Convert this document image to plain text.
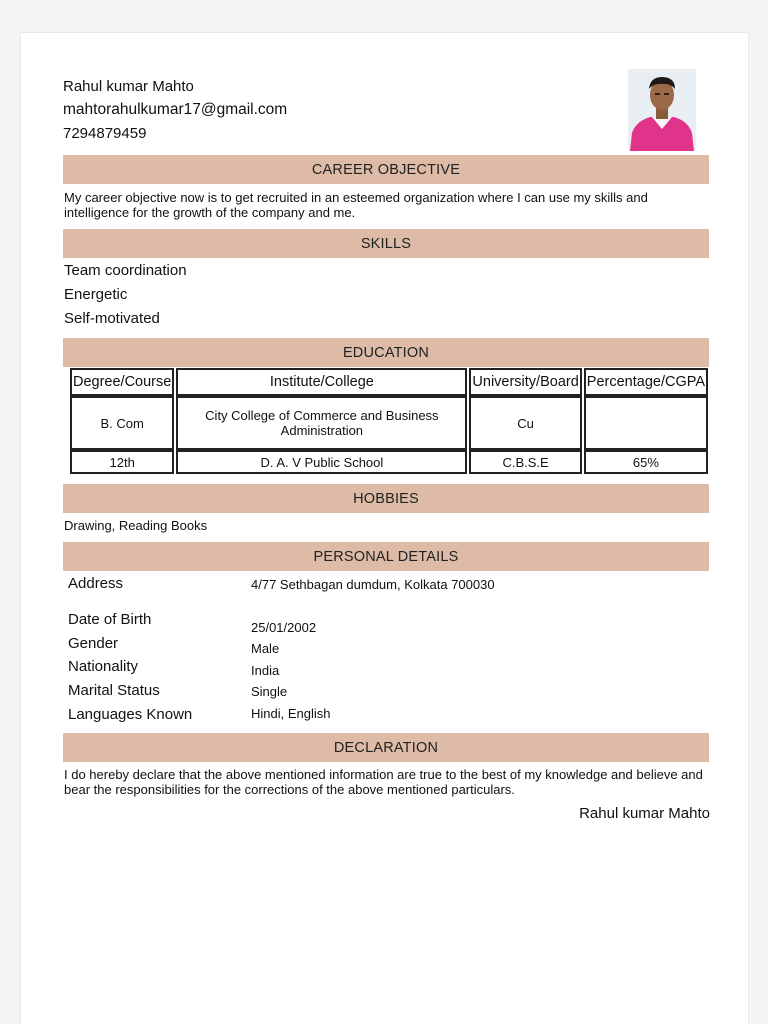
Rahul kumar Mahto
mahtorahulkumar17@gmail.com
7294879459
CAREER OBJECTIVE
My career objective now is to get recruited in an esteemed organization where I can use my skills and intelligence for the growth of the company and me.
SKILLS
Team coordination
Energetic
Self-motivated
EDUCATION
Degree/Course	Institute/College	University/Board	Percentage/CGPA
B. Com	City College of Commerce and Business Administration	Cu	
12th	D. A. V Public School	C.B.S.E	65%
HOBBIES
Drawing, Reading Books
PERSONAL DETAILS
Address	4/77 Sethbagan dumdum, Kolkata 700030
Date of Birth	25/01/2002
Gender	Male
Nationality	India
Marital Status	Single
Languages Known	Hindi, English
DECLARATION
I do hereby declare that the above mentioned information are true to the best of my knowledge and believe and bear the responsibilities for the corrections of the above mentioned particulars.
Rahul kumar Mahto
